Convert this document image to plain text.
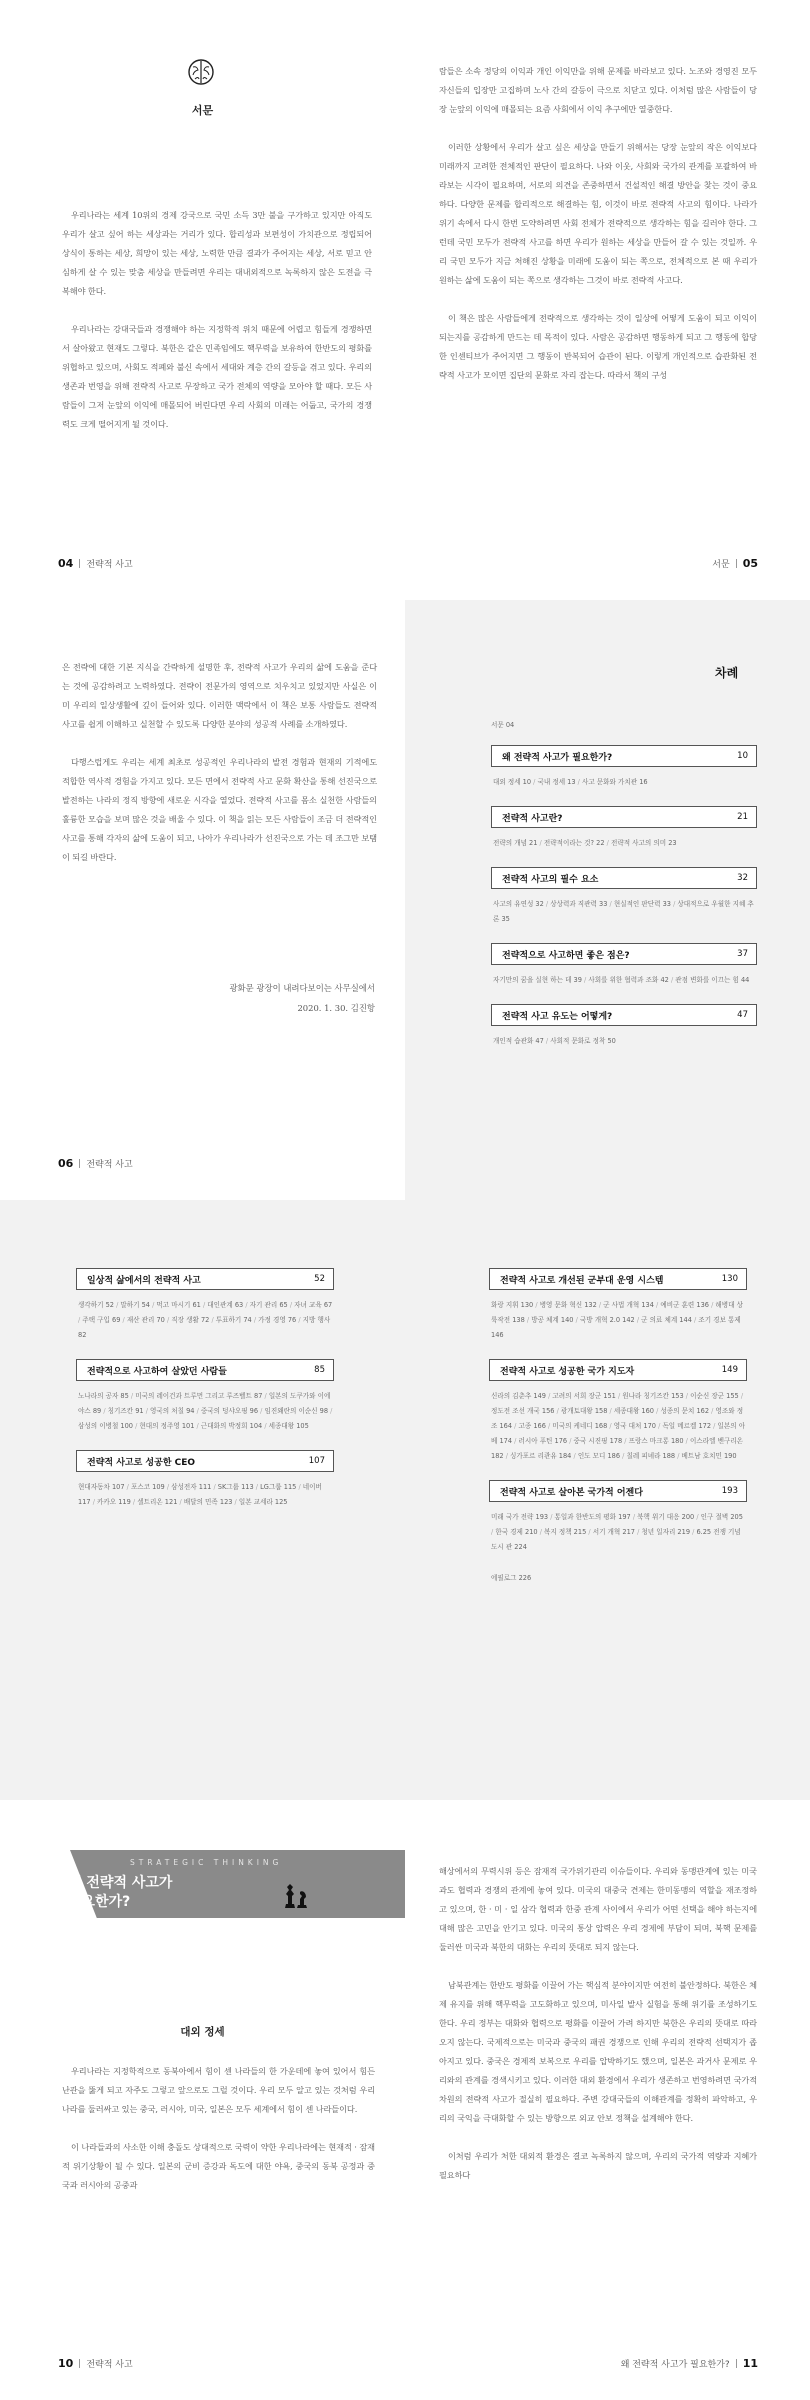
서문

우리나라는 세계 10위의 경제 강국으로 국민 소득 3만 불을 구가하고 있지만 아직도 우리가 살고 싶어 하는 세상과는 거리가 있다. 합리성과 보편성이 가치관으로 정립되어 상식이 통하는 세상, 희망이 있는 세상, 노력한 만큼 결과가 주어지는 세상, 서로 믿고 안심하게 살 수 있는 맞춤 세상을 만들려면 우리는 대내외적으로 녹록하지 않은 도전을 극복해야 한다.

우리나라는 강대국들과 경쟁해야 하는 지정학적 위치 때문에 어렵고 힘들게 경쟁하면서 살아왔고 현재도 그렇다. 북한은 같은 민족임에도 핵무력을 보유하여 한반도의 평화를 위협하고 있으며, 사회도 적폐와 불신 속에서 세대와 계층 간의 갈등을 겪고 있다. 우리의 생존과 번영을 위해 전략적 사고로 무장하고 국가 전체의 역량을 모아야 할 때다. 모든 사람들이 그저 눈앞의 이익에 매몰되어 버린다면 우리 사회의 미래는 어둡고, 국가의 경쟁력도 크게 떨어지게 될 것이다.

04 전략적 사고

람들은 소속 정당의 이익과 개인 이익만을 위해 문제를 바라보고 있다. 노조와 경영진 모두 자신들의 입장만 고집하며 노사 간의 갈등이 극으로 치닫고 있다. 이처럼 많은 사람들이 당장 눈앞의 이익에 매몰되는 요즘 사회에서 이익 추구에만 열중한다.

이러한 상황에서 우리가 살고 싶은 세상을 만들기 위해서는 당장 눈앞의 작은 이익보다 미래까지 고려한 전체적인 판단이 필요하다. 나와 이웃, 사회와 국가의 관계를 포괄하여 바라보는 시각이 필요하며, 서로의 의견을 존중하면서 건설적인 해결 방안을 찾는 것이 중요하다. 다양한 문제를 합리적으로 해결하는 힘, 이것이 바로 전략적 사고의 힘이다. 나라가 위기 속에서 다시 한번 도약하려면 사회 전체가 전략적으로 생각하는 힘을 길러야 한다. 그런데 국민 모두가 전략적 사고를 하면 우리가 원하는 세상을 만들어 갈 수 있는 것일까. 우리 국민 모두가 지금 처해진 상황을 미래에 도움이 되는 쪽으로, 전체적으로 본 때 우리가 원하는 삶에 도움이 되는 쪽으로 생각하는 그것이 바로 전략적 사고다.

이 책은 많은 사람들에게 전략적으로 생각하는 것이 일상에 어떻게 도움이 되고 이익이 되는지를 공감하게 만드는 데 목적이 있다. 사람은 공감하면 행동하게 되고 그 행동에 합당한 인센티브가 주어지면 그 행동이 반복되어 습관이 된다. 이렇게 개인적으로 습관화된 전략적 사고가 모이면 집단의 문화로 자리 잡는다. 따라서 책의 구성

서문 05

은 전략에 대한 기본 지식을 간략하게 설명한 후, 전략적 사고가 우리의 삶에 도움을 준다는 것에 공감하려고 노력하였다. 전략이 전문가의 영역으로 치우치고 있었지만 사실은 이미 우리의 일상생활에 깊이 들어와 있다. 이러한 맥락에서 이 책은 보통 사람들도 전략적 사고를 쉽게 이해하고 실천할 수 있도록 다양한 분야의 성공적 사례를 소개하였다.

다행스럽게도 우리는 세계 최초로 성공적인 우리나라의 발전 경험과 현재의 기적에도 적합한 역사적 경험을 가지고 있다. 모든 면에서 전략적 사고 문화 확산을 통해 선진국으로 발전하는 나라의 정직 방향에 새로운 시각을 열었다. 전략적 사고를 몸소 실천한 사람들의 훌륭한 모습을 보며 많은 것을 배울 수 있다. 이 책을 읽는 모든 사람들이 조금 더 전략적인 사고를 통해 각자의 삶에 도움이 되고, 나아가 우리나라가 선진국으로 가는 데 조그만 보탬이 되길 바란다.

광화문 광장이 내려다보이는 사무실에서
2020. 1. 30. 김진항
06 전략적 사고
차례
서문 04
왜 전략적 사고가 필요한가?	10
대외 정세 10 / 국내 정세 13 / 사고 문화와 가치관 16
전략적 사고란?	21
전략의 개념 21 / 전략적이라는 것? 22 / 전략적 사고의 의미 23
전략적 사고의 필수 요소	32
사고의 유연성 32 / 상상력과 직관력 33 / 현실적인 판단력 33 / 상대적으로 우월한 지혜 추론 35
전략적으로 사고하면 좋은 점은?	37
자기만의 꿈을 실현 하는 데 39 / 사회를 위한 협력과 조화 42 / 관점 변화를 이끄는 힘 44
전략적 사고 유도는 어떻게?	47
개인적 습관화 47 / 사회적 문화로 정착 50
일상적 삶에서의 전략적 사고	52
생각하기 52 / 말하기 54 / 먹고 마시기 61 / 대인관계 63 / 자기 관리 65 / 자녀 교육 67/ 주택 구입 69 / 재산 관리 70 / 직장 생활 72 / 투표하기 74 / 가정 경영 76 / 지방 행사 82
전략적으로 사고하여 살았던 사람들	85
노나라의 공자 85 / 미국의 레이건과 트루먼 그리고 루즈벨트 87 / 일본의 도쿠가와 이에야스 89 / 칭기즈칸 91 / 영국의 처칠 94 / 중국의 덩샤오핑 96 / 임진왜란의 이순신 98/ 삼성의 이병철 100 / 현대의 정주영 101 / 근대화의 박정희 104 / 세종대왕 105
전략적 사고로 성공한 CEO	107
현대자동차 107 / 포스코 109 / 삼성전자 111 / SK그룹 113 / LG그룹 115 / 네이버 117 / 카카오 119 / 셀트리온 121 / 배달의 민족 123 / 일본 교세라 125
전략적 사고로 개선된 군부대 운영 시스템	130
화랑 지휘 130 / 병영 문화 혁신 132 / 군 사법 개혁 134 / 예비군 훈련 136 / 해병대 상륙작전 138 / 방공 체계 140 / 국방 개혁 2.0 142 / 군 의료 체계 144 / 조기 경보 통제 146
전략적 사고로 성공한 국가 지도자	149
신라의 김춘추 149 / 고려의 서희 장군 151 / 원나라 칭기즈칸 153 / 이순신 장군 155/ 정도전 조선 개국 156 / 광개토대왕 158 / 세종대왕 160 / 성종의 문치 162 / 영조와 정조 164 / 고종 166 / 미국의 케네디 168 / 영국 대처 170 / 독일 메르켈 172 / 일본의 아베 174 / 러시아 푸틴 176 / 중국 시진핑 178 / 프랑스 마크롱 180 / 이스라엘 벤구리온 182 / 싱가포르 리콴유 184 / 인도 모디 186 / 칠레 피녜라 188 / 베트남 호치민 190
전략적 사고로 살아본 국가적 어젠다	193
미래 국가 전략 193 / 통일과 한반도의 평화 197 / 북핵 위기 대응 200 / 인구 절벽 205/ 한국 경제 210 / 복지 정책 215 / 서기 개혁 217 / 청년 일자리 219 / 6.25 전쟁 기념 도시 관 224
에필로그 226
STRATEGIC THINKING
왜 전략적 사고가
필요한가?
대외 정세

우리나라는 지정학적으로 동북아에서 힘이 센 나라들의 한 가운데에 놓여 있어서 힘든 난관을 뚫게 되고 자주도 그렇고 앞으로도 그럴 것이다. 우리 모두 알고 있는 것처럼 우리나라를 둘러싸고 있는 중국, 러시아, 미국, 일본은 모두 세계에서 힘이 센 나라들이다.

이 나라들과의 사소한 이해 충돌도 상대적으로 국력이 약한 우리나라에는 현재적 · 잠재적 위기상황이 될 수 있다. 일본의 군비 증강과 독도에 대한 야욕, 중국의 동북 공정과 중국과 러시아의 공중과

10 전략적 사고

해상에서의 무력시위 등은 잠재적 국가위기관리 이슈들이다. 우리와 동맹관계에 있는 미국과도 협력과 경쟁의 관계에 놓여 있다. 미국의 대중국 견제는 한미동맹의 역할을 재조정하고 있으며, 한 · 미 · 일 삼각 협력과 한중 관계 사이에서 우리가 어떤 선택을 해야 하는지에 대해 많은 고민을 안기고 있다. 미국의 통상 압력은 우리 경제에 부담이 되며, 북핵 문제를 둘러싼 미국과 북한의 대화는 우리의 뜻대로 되지 않는다.

남북관계는 한반도 평화를 이끌어 가는 핵심적 분야이지만 여전히 불안정하다. 북한은 체제 유지를 위해 핵무력을 고도화하고 있으며, 미사일 발사 실험을 통해 위기를 조성하기도 한다. 우리 정부는 대화와 협력으로 평화를 이끌어 가려 하지만 북한은 우리의 뜻대로 따라오지 않는다. 국제적으로는 미국과 중국의 패권 경쟁으로 인해 우리의 전략적 선택지가 좁아지고 있다. 중국은 경제적 보복으로 우리를 압박하기도 했으며, 일본은 과거사 문제로 우리와의 관계를 경색시키고 있다. 이러한 대외 환경에서 우리가 생존하고 번영하려면 국가적 차원의 전략적 사고가 절실히 필요하다. 주변 강대국들의 이해관계를 정확히 파악하고, 우리의 국익을 극대화할 수 있는 방향으로 외교 안보 정책을 설계해야 한다.

이처럼 우리가 처한 대외적 환경은 결코 녹록하지 않으며, 우리의 국가적 역량과 지혜가 필요하다

왜 전략적 사고가 필요한가? 11
